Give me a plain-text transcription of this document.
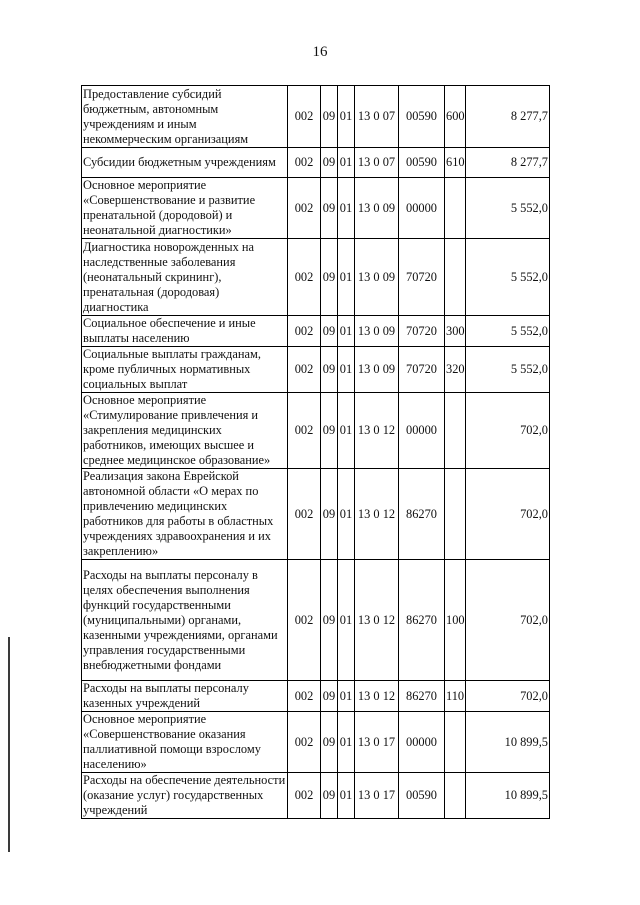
16
Предоставление субсидий бюджетным, автономным учреждениям и иным некоммерческим организациям	002	09	01	13 0 07	00590	600	8 277,7
Субсидии бюджетным учреждениям	002	09	01	13 0 07	00590	610	8 277,7
Основное мероприятие «Совершенствование и развитие пренатальной (дородовой) и неонатальной диагностики»	002	09	01	13 0 09	00000		5 552,0
Диагностика новорожденных на наследственные заболевания (неонатальный скрининг), пренатальная (дородовая) диагностика	002	09	01	13 0 09	70720		5 552,0
Социальное обеспечение и иные выплаты населению	002	09	01	13 0 09	70720	300	5 552,0
Социальные выплаты гражданам, кроме публичных нормативных социальных выплат	002	09	01	13 0 09	70720	320	5 552,0
Основное мероприятие «Стимулирование привлечения и закрепления медицинских работников, имеющих высшее и среднее медицинское образование»	002	09	01	13 0 12	00000		702,0
Реализация закона Еврейской автономной области «О мерах по привлечению медицинских работников для работы в областных учреждениях здравоохранения и их закреплению»	002	09	01	13 0 12	86270		702,0
Расходы на выплаты персоналу в целях обеспечения выполнения функций государственными (муниципальными) органами, казенными учреждениями, органами управления государственными внебюджетными фондами	002	09	01	13 0 12	86270	100	702,0
Расходы на выплаты персоналу казенных учреждений	002	09	01	13 0 12	86270	110	702,0
Основное мероприятие «Совершенствование оказания паллиативной помощи взрослому населению»	002	09	01	13 0 17	00000		10 899,5
Расходы на обеспечение деятельности (оказание услуг) государственных учреждений	002	09	01	13 0 17	00590		10 899,5
